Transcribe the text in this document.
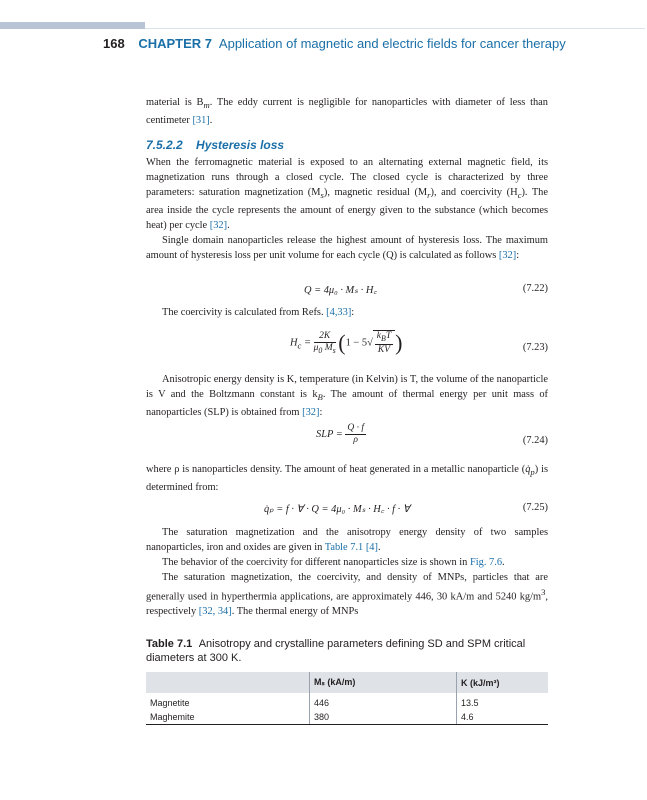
168 CHAPTER 7 Application of magnetic and electric fields for cancer therapy

material is $B_m$. The eddy current is negligible for nanoparticles with diameter of less than centimeter [31].

7.5.2.2 Hysteresis loss

When the ferromagnetic material is exposed to an alternating external magnetic field, its magnetization runs through a closed cycle. The closed cycle is characterized by three parameters: saturation magnetization $(M_s)$, magnetic residual $(M_r)$, and coercivity $(H_c)$. The area inside the cycle represents the amount of energy given to the substance (which becomes heat) per cycle [32].

Single domain nanoparticles release the highest amount of hysteresis loss. The maximum amount of hysteresis loss per unit volume for each cycle (Q) is calculated as follows [32]:

Q = 4μ₀ · Mₛ · H꜀	(7.22)

The coercivity is calculated from Refs. [4,33]:

$H_c = \frac{2K}{\mu_0 M_s} (1 - 5√ \frac{k_BT}{KV}$ )	(7.23)

Anisotropic energy density is K, temperature (in Kelvin) is T, the volume of the nanoparticle is V and the Boltzmann constant is $k_B$. The amount of thermal energy per unit mass of nanoparticles (SLP) is obtained from [32]:

SLP = $\frac{Q \cdot f}{\rho}$	(7.24)

where ρ is nanoparticles density. The amount of heat generated in a metallic nanoparticle $(q̇_p)$ is determined from:

q̇ₚ = f · ∀ · Q = 4μ₀ · Mₛ · H꜀ · f · ∀	(7.25)

The saturation magnetization and the anisotropy energy density of two samples nanoparticles, iron and oxides are given in Table 7.1 [4].

The behavior of the coercivity for different nanoparticles size is shown in Fig. 7.6.

The saturation magnetization, the coercivity, and density of MNPs, particles that are generally used in hyperthermia applications, are approximately 446, 30 kA/m and 5240 $kg/m^3$, respectively [32, 34]. The thermal energy of MNPs

Table 7.1 Anisotropy and crystalline parameters defining SD and SPM critical diameters at 300 K.
	Mₛ (kA/m)	K (kJ/m³)
Magnetite	446	13.5
Maghemite	380	4.6
